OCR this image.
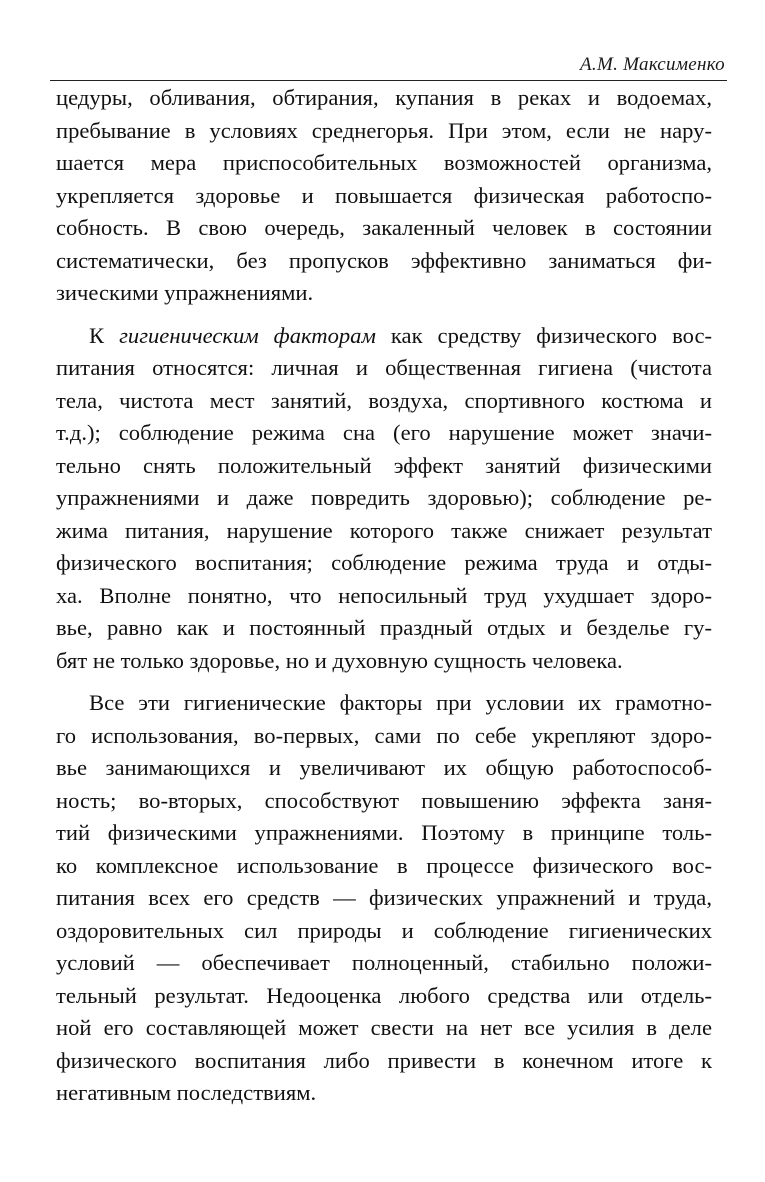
А.М. Максименко
цедуры, обливания, обтирания, купания в реках и водоемах,
пребывание в условиях среднегорья. При этом, если не нару-
шается мера приспособительных возможностей организма,
укрепляется здоровье и повышается физическая работоспо-
собность. В свою очередь, закаленный человек в состоянии
систематически, без пропусков эффективно заниматься фи-
зическими упражнениями.
К гигиеническим факторам как средству физического вос-
питания относятся: личная и общественная гигиена (чистота
тела, чистота мест занятий, воздуха, спортивного костюма и
т.д.); соблюдение режима сна (его нарушение может значи-
тельно снять положительный эффект занятий физическими
упражнениями и даже повредить здоровью); соблюдение ре-
жима питания, нарушение которого также снижает результат
физического воспитания; соблюдение режима труда и отды-
ха. Вполне понятно, что непосильный труд ухудшает здоро-
вье, равно как и постоянный праздный отдых и безделье гу-
бят не только здоровье, но и духовную сущность человека.
Все эти гигиенические факторы при условии их грамотно-
го использования, во-первых, сами по себе укрепляют здоро-
вье занимающихся и увеличивают их общую работоспособ-
ность; во-вторых, способствуют повышению эффекта заня-
тий физическими упражнениями. Поэтому в принципе толь-
ко комплексное использование в процессе физического вос-
питания всех его средств — физических упражнений и труда,
оздоровительных сил природы и соблюдение гигиенических
условий — обеспечивает полноценный, стабильно положи-
тельный результат. Недооценка любого средства или отдель-
ной его составляющей может свести на нет все усилия в деле
физического воспитания либо привести в конечном итоге к
негативным последствиям.
